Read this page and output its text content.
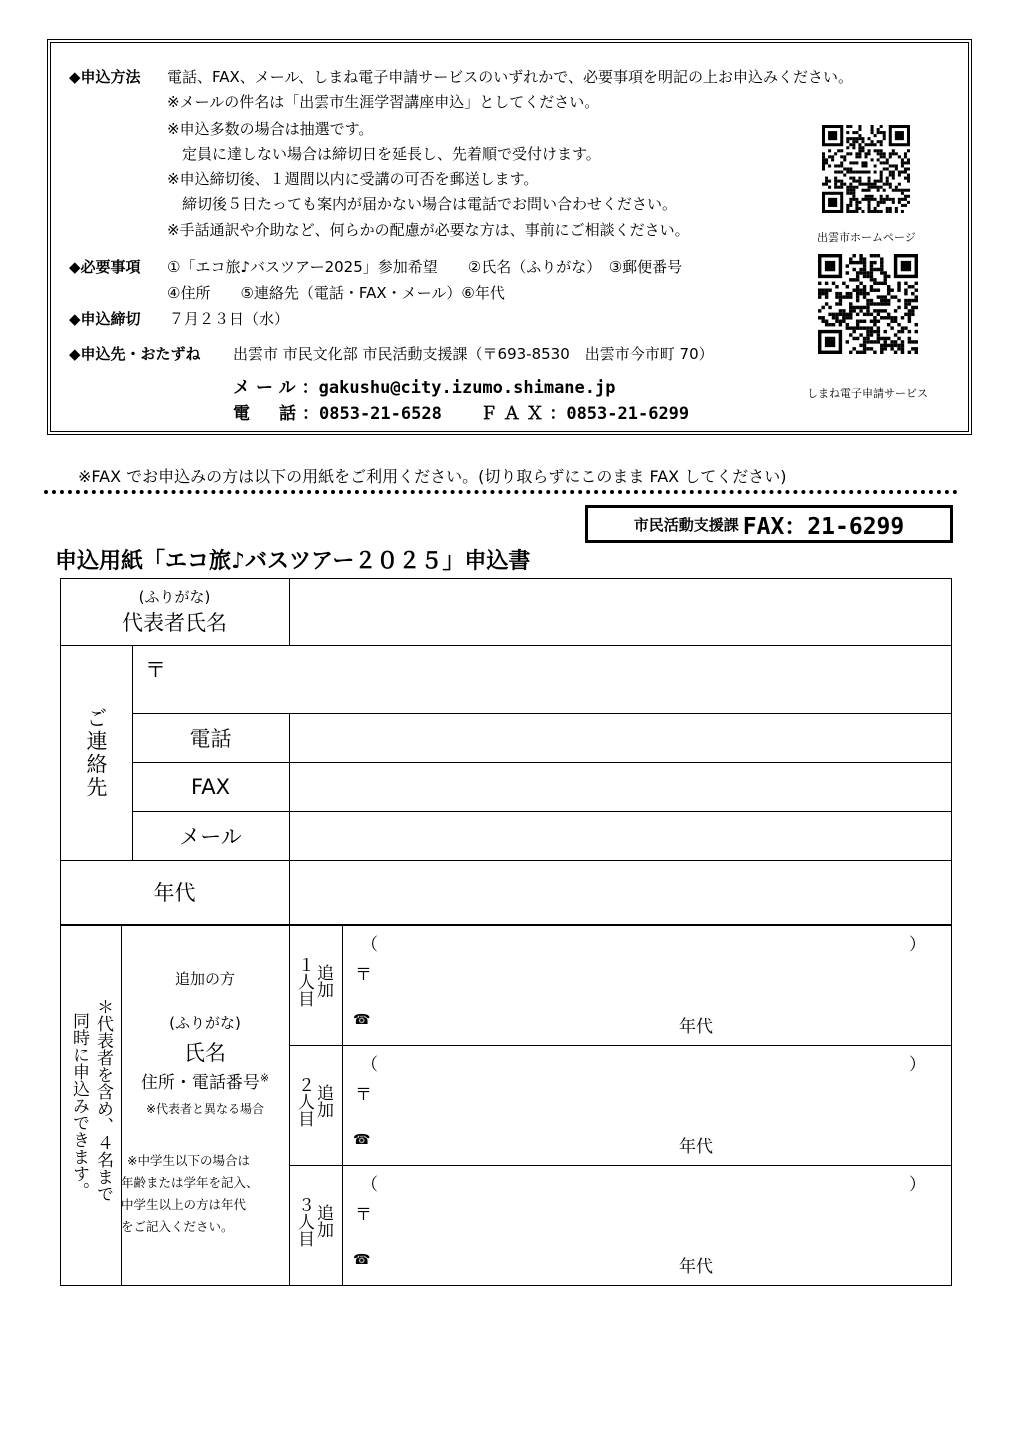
◆申込方法 電話、FAX、メール、しまね電子申請サービスのいずれかで、必要事項を明記の上お申込みください。
※メールの件名は「出雲市生涯学習講座申込」としてください。
※申込多数の場合は抽選です。
　定員に達しない場合は締切日を延長し、先着順で受付けます。
※申込締切後、１週間以内に受講の可否を郵送します。
　締切後５日たっても案内が届かない場合は電話でお問い合わせください。
※手話通訳や介助など、何らかの配慮が必要な方は、事前にご相談ください。
◆必要事項 ①「エコ旅♪バスツアー2025」参加希望　　②氏名（ふりがな）　③郵便番号
④住所　　⑤連絡先（電話・FAX・メール）⑥年代
◆申込締切 ７月２３日（水）
◆申込先・おたずね 出雲市 市民文化部 市民活動支援課（〒693-8530　出雲市今市町 70）
メール：gakushu@city.izumo.shimane.jp
電　話：0853-21-6528 ＦＡＸ：0853-21-6299
出雲市ホームページ
しまね電子申請サービス
※FAX でお申込みの方は以下の用紙をご利用ください。(切り取らずにこのまま FAX してください)
市民活動支援課 FAX：21-6299
申込用紙「エコ旅♪バスツアー２０２５」申込書
(ふりがな)
代表者氏名
ご連絡先
〒
電話
FAX
メール
年代
＊代表者を含め、４名まで
同時に申込みできます。
追加の方
(ふりがな)
氏名
住所・電話番号※
※代表者と異なる場合
※中学生以下の場合は
年齢または学年を記入、
中学生以上の方は年代
をご記入ください。
１人目 追加
（	）
〒
☎	年代
２人目 追加
（	）
〒
☎	年代
３人目 追加
（	）
〒
☎	年代
